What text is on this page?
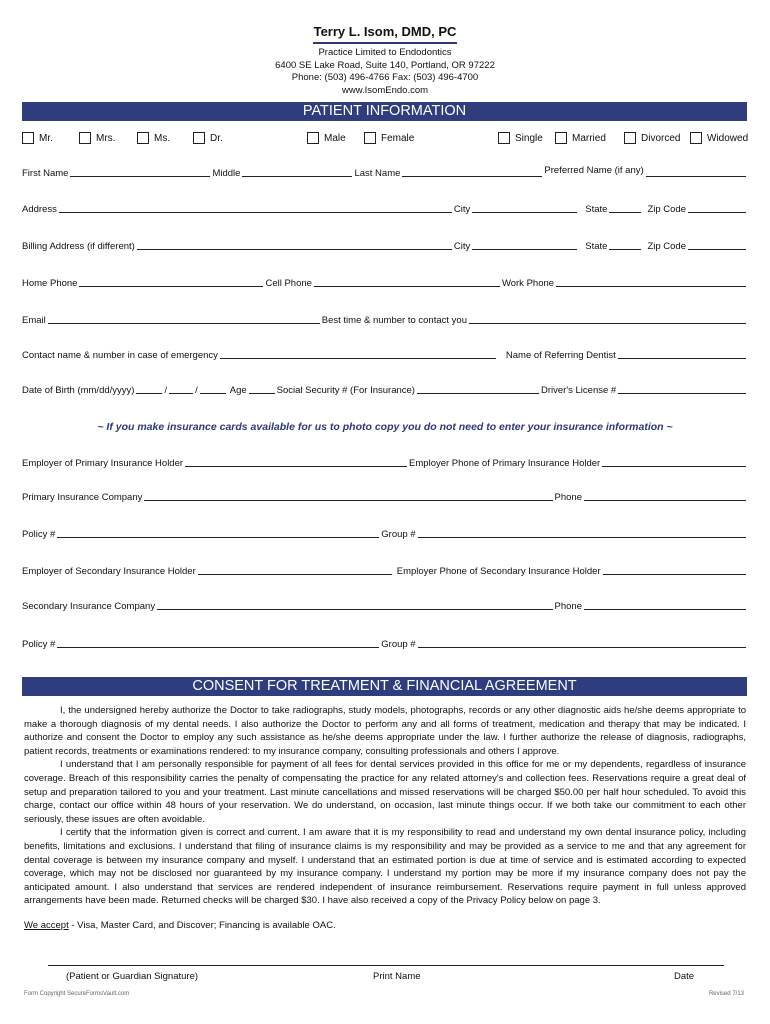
Terry L. Isom, DMD, PC
Practice Limited to Endodontics
6400 SE Lake Road, Suite 140, Portland, OR 97222
Phone: (503) 496-4766 Fax: (503) 496-4700
www.IsomEndo.com
PATIENT INFORMATION
Mr.	Mrs.	Ms.	Dr.	Male	Female	Single	Married	Divorced	Widowed
First Name	Middle	Last Name	Preferred Name (if any)
Address	City	State	Zip Code
Billing Address (if different)	City	State	Zip Code
Home Phone	Cell Phone	Work Phone
Email	Best time & number to contact you
Contact name & number in case of emergency	Name of Referring Dentist
Date of Birth (mm/dd/yyyy)	/	/	Age	Social Security # (For Insurance)	Driver's License #
~ If you make insurance cards available for us to photo copy you do not need to enter your insurance information ~
Employer of Primary Insurance Holder	Employer Phone of Primary Insurance Holder
Primary Insurance Company	Phone
Policy #	Group #
Employer of Secondary Insurance Holder	Employer Phone of Secondary Insurance Holder
Secondary Insurance Company	Phone
Policy #	Group #
CONSENT FOR TREATMENT & FINANCIAL AGREEMENT

I, the undersigned hereby authorize the Doctor to take radiographs, study models, photographs, records or any other diagnostic aids he/she deems appropriate to make a thorough diagnosis of my dental needs. I also authorize the Doctor to perform any and all forms of treatment, medication and therapy that may be indicated. I authorize and consent the Doctor to employ any such assistance as he/she deems appropriate under the law. I further authorize the release of diagnosis, radiographs, patient records, treatments or examinations rendered: to my insurance company, consulting professionals and others I approve.

I understand that I am personally responsible for payment of all fees for dental services provided in this office for me or my dependents, regardless of insurance coverage. Breach of this responsibility carries the penalty of compensating the practice for any related attorney's and collection fees. Reservations require a great deal of setup and preparation tailored to you and your treatment. Last minute cancellations and missed reservations will be charged $50.00 per half hour scheduled. To avoid this charge, contact our office within 48 hours of your reservation. We do understand, on occasion, last minute things occur. If we both take our commitment to each other seriously, these issues are often avoidable.

I certify that the information given is correct and current. I am aware that it is my responsibility to read and understand my own dental insurance policy, including benefits, limitations and exclusions. I understand that filing of insurance claims is my responsibility and may be provided as a service to me and that any agreement for dental coverage is between my insurance company and myself. I understand that an estimated portion is due at time of service and is estimated according to expected coverage, which may not be disclosed nor guaranteed by my insurance company. I understand my portion may be more if my insurance company does not pay the anticipated amount. I also understand that services are rendered independent of insurance reimbursement. Reservations require payment in full unless approved arrangements have been made. Returned checks will be charged $30. I have also received a copy of the Privacy Policy below on page 3.

We accept - Visa, Master Card, and Discover; Financing is available OAC.
(Patient or Guardian Signature)	Print Name	Date
Form Copyright SecureFormsVault.com	Revised 7/13
